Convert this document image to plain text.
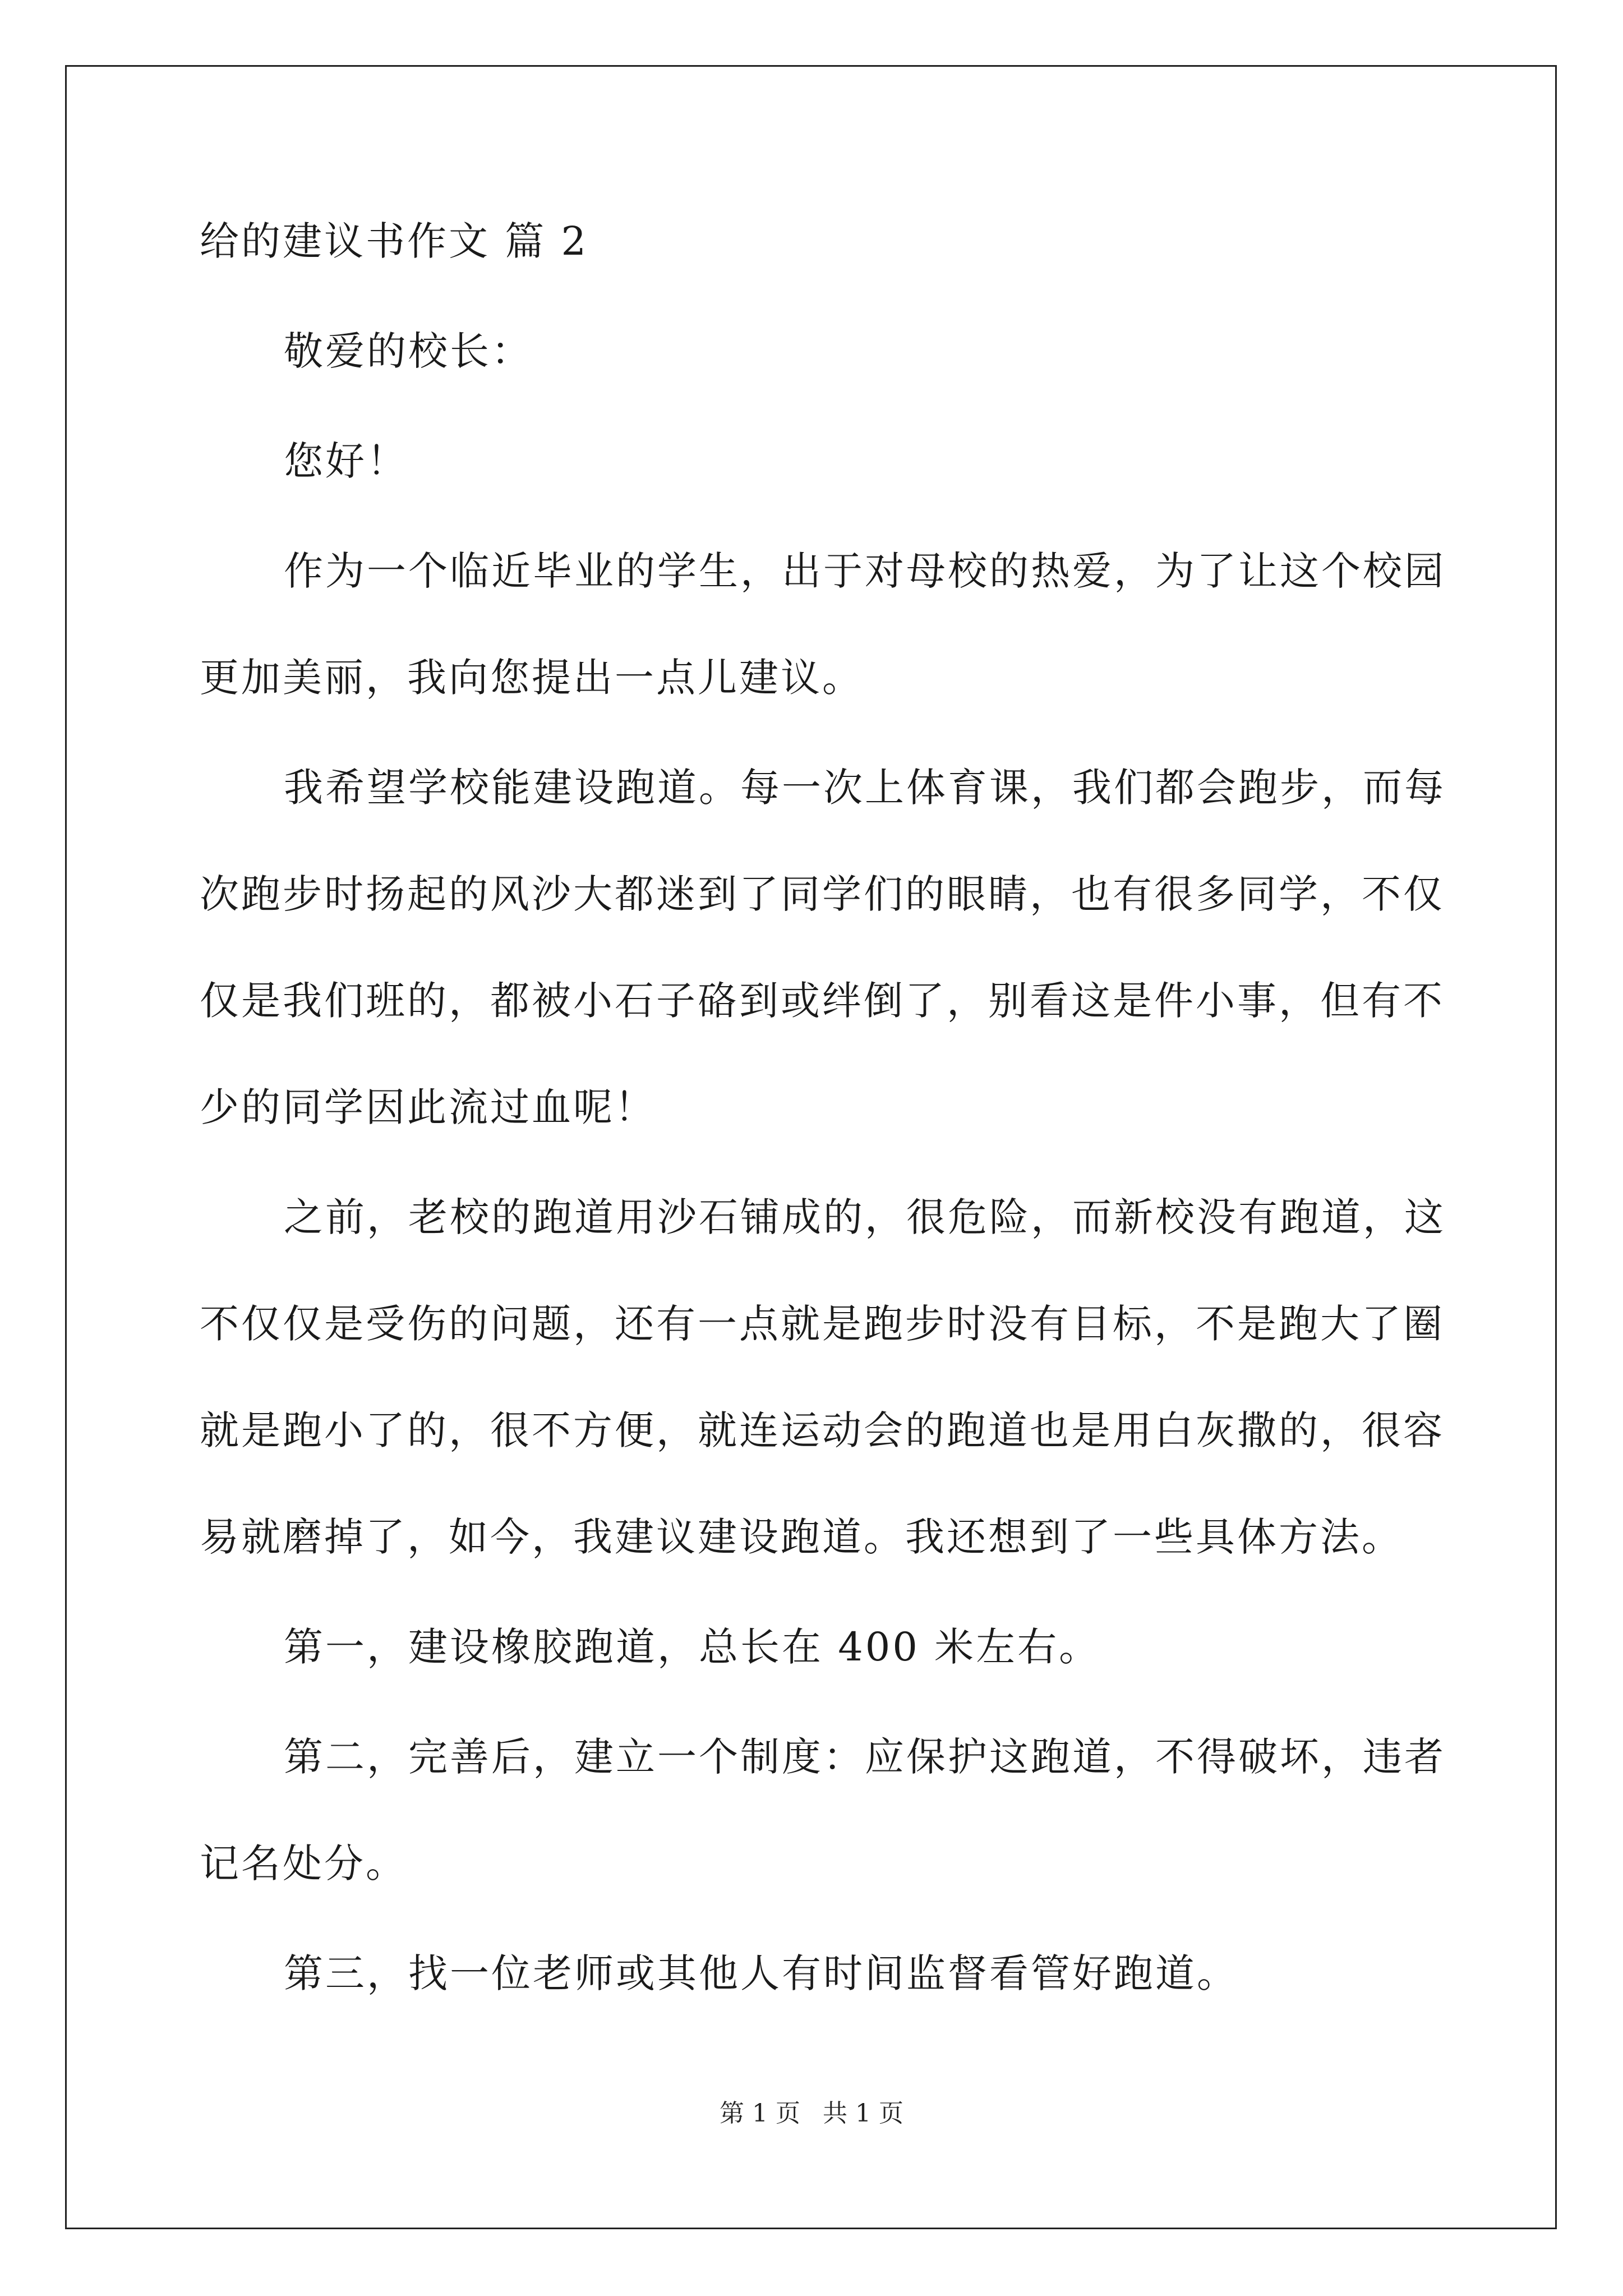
给的建议书作文 篇 2
敬爱的校长：
您好！
作为一个临近毕业的学生，出于对母校的热爱，为了让这个校园
更加美丽，我向您提出一点儿建议。
我希望学校能建设跑道。每一次上体育课，我们都会跑步，而每
次跑步时扬起的风沙大都迷到了同学们的眼睛，也有很多同学，不仅
仅是我们班的，都被小石子硌到或绊倒了，别看这是件小事，但有不
少的同学因此流过血呢！
之前，老校的跑道用沙石铺成的，很危险，而新校没有跑道，这
不仅仅是受伤的问题，还有一点就是跑步时没有目标，不是跑大了圈
就是跑小了的，很不方便，就连运动会的跑道也是用白灰撒的，很容
易就磨掉了，如今，我建议建设跑道。我还想到了一些具体方法。
第一，建设橡胶跑道，总长在 400 米左右。
第二，完善后，建立一个制度：应保护这跑道，不得破坏，违者
记名处分。
第三，找一位老师或其他人有时间监督看管好跑道。
第 1 页 共 1 页
